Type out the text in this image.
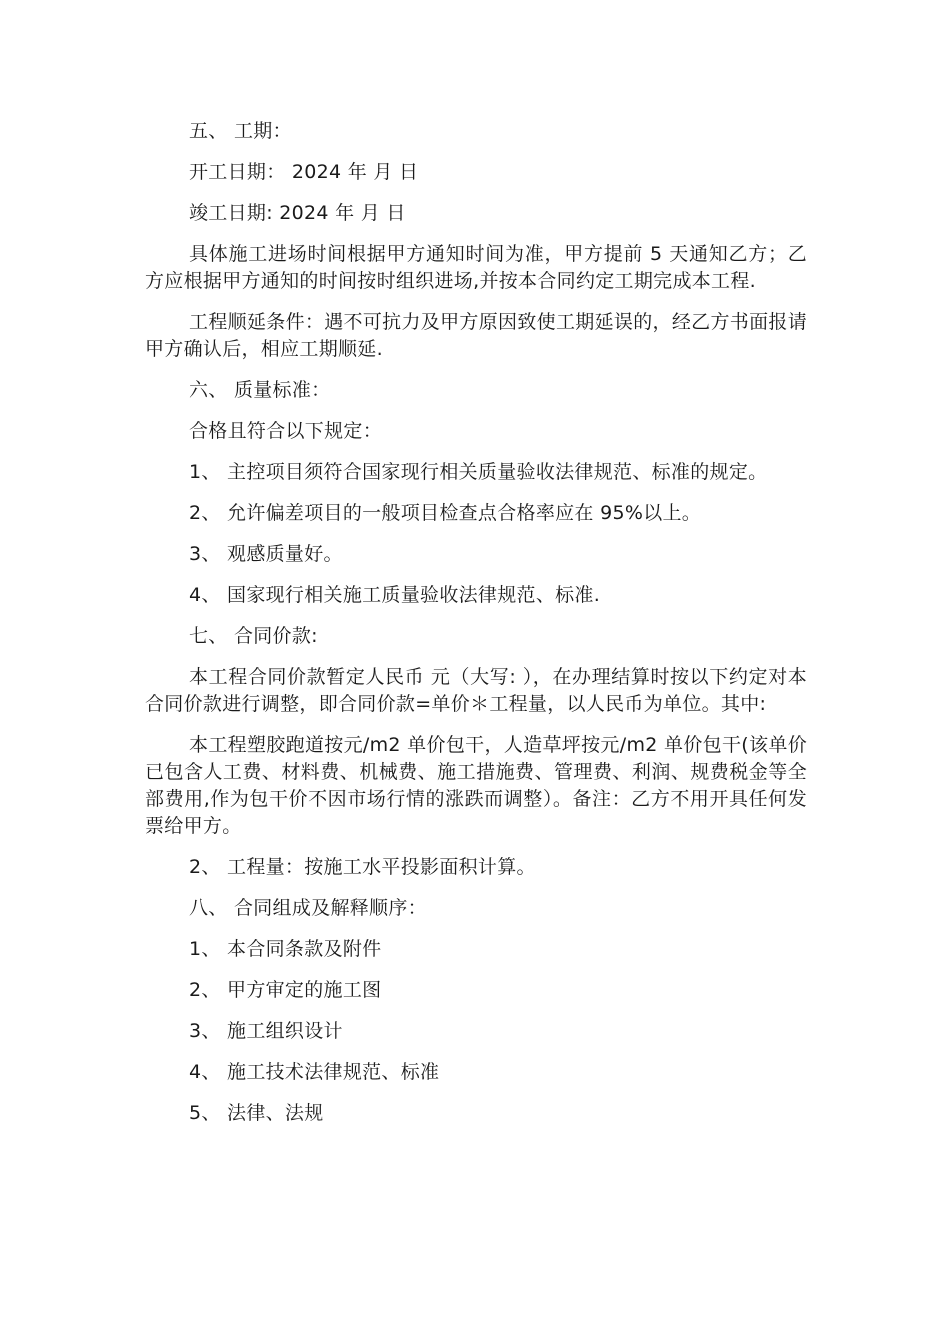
五、 工期：

开工日期： 2024 年 月 日

竣工日期: 2024 年 月 日

具体施工进场时间根据甲方通知时间为准，甲方提前 5 天通知乙方；乙方应根据甲方通知的时间按时组织进场,并按本合同约定工期完成本工程.

工程顺延条件：遇不可抗力及甲方原因致使工期延误的，经乙方书面报请甲方确认后，相应工期顺延.

六、 质量标准：

合格且符合以下规定：

1、 主控项目须符合国家现行相关质量验收法律规范、标准的规定。

2、 允许偏差项目的一般项目检查点合格率应在 95%以上。

3、 观感质量好。

4、 国家现行相关施工质量验收法律规范、标准.

七、 合同价款:

本工程合同价款暂定人民币 元（大写: ），在办理结算时按以下约定对本合同价款进行调整，即合同价款=单价＊工程量，以人民币为单位。其中:

本工程塑胶跑道按元/m2 单价包干，人造草坪按元/m2 单价包干(该单价已包含人工费、材料费、机械费、施工措施费、管理费、利润、规费税金等全部费用,作为包干价不因市场行情的涨跌而调整）。备注：乙方不用开具任何发票给甲方。

2、 工程量：按施工水平投影面积计算。

八、 合同组成及解释顺序：

1、 本合同条款及附件

2、 甲方审定的施工图

3、 施工组织设计

4、 施工技术法律规范、标准

5、 法律、法规
